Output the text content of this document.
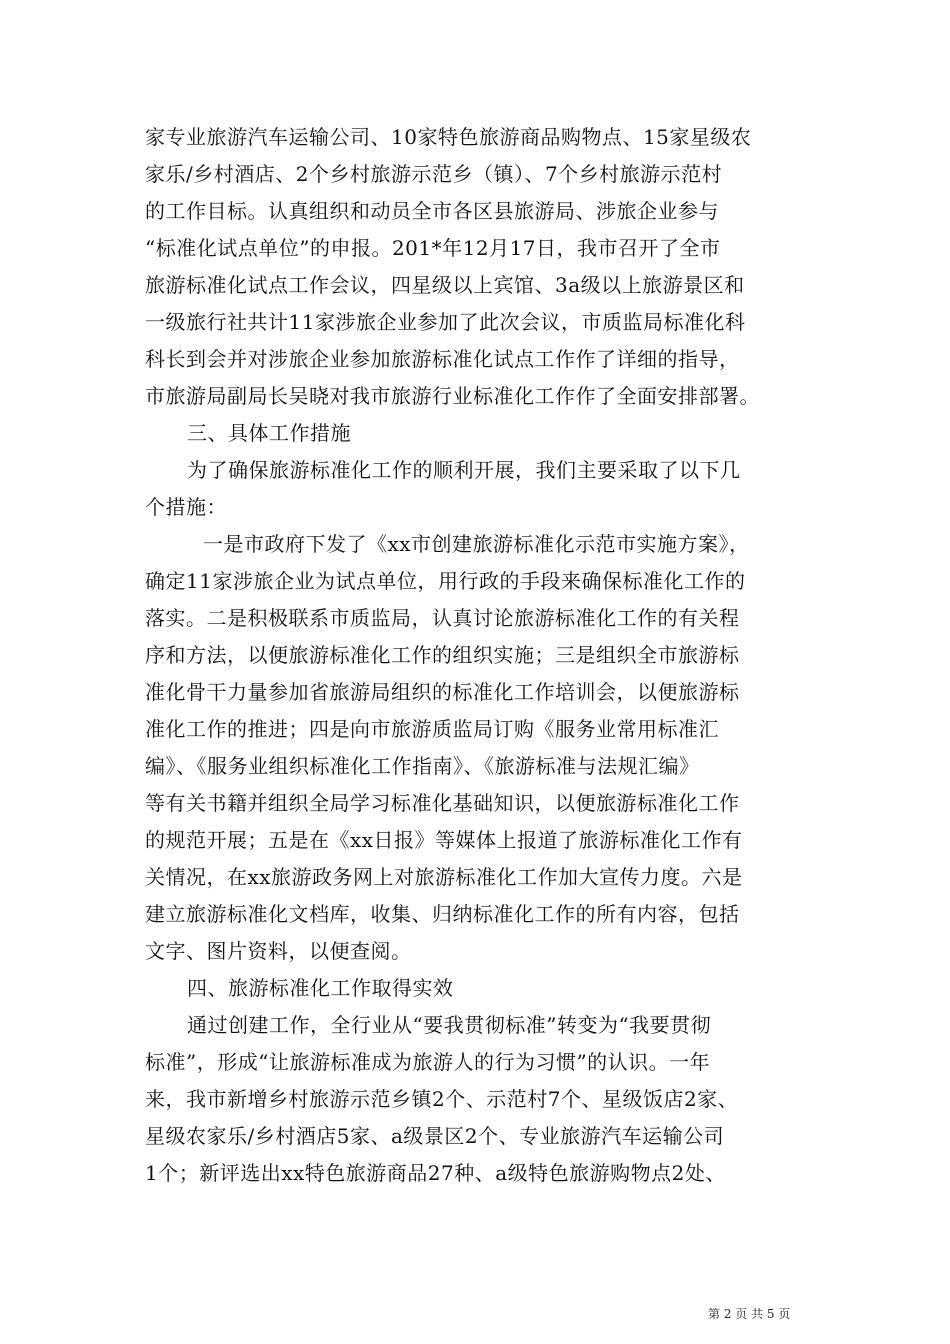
家专业旅游汽车运输公司、10家特色旅游商品购物点、15家星级农
家乐/乡村酒店、2个乡村旅游示范乡（镇）、7个乡村旅游示范村
的工作目标。认真组织和动员全市各区县旅游局、涉旅企业参与
“标准化试点单位”的申报。201*年12月17日，我市召开了全市
旅游标准化试点工作会议，四星级以上宾馆、3a级以上旅游景区和
一级旅行社共计11家涉旅企业参加了此次会议，市质监局标准化科
科长到会并对涉旅企业参加旅游标准化试点工作作了详细的指导，
市旅游局副局长吴晓对我市旅游行业标准化工作作了全面安排部署。
三、具体工作措施
为了确保旅游标准化工作的顺利开展，我们主要采取了以下几
个措施：
一是市政府下发了《xx市创建旅游标准化示范市实施方案》，
确定11家涉旅企业为试点单位，用行政的手段来确保标准化工作的
落实。二是积极联系市质监局，认真讨论旅游标准化工作的有关程
序和方法，以便旅游标准化工作的组织实施；三是组织全市旅游标
准化骨干力量参加省旅游局组织的标准化工作培训会，以便旅游标
准化工作的推进；四是向市旅游质监局订购《服务业常用标准汇
编》、《服务业组织标准化工作指南》、《旅游标准与法规汇编》
等有关书籍并组织全局学习标准化基础知识，以便旅游标准化工作
的规范开展；五是在《xx日报》等媒体上报道了旅游标准化工作有
关情况，在xx旅游政务网上对旅游标准化工作加大宣传力度。六是
建立旅游标准化文档库，收集、归纳标准化工作的所有内容，包括
文字、图片资料，以便查阅。
四、旅游标准化工作取得实效
通过创建工作，全行业从“要我贯彻标准”转变为“我要贯彻
标准”，形成“让旅游标准成为旅游人的行为习惯”的认识。一年
来，我市新增乡村旅游示范乡镇2个、示范村7个、星级饭店2家、
星级农家乐/乡村酒店5家、a级景区2个、专业旅游汽车运输公司
1个；新评选出xx特色旅游商品27种、a级特色旅游购物点2处、
第 2 页 共 5 页
